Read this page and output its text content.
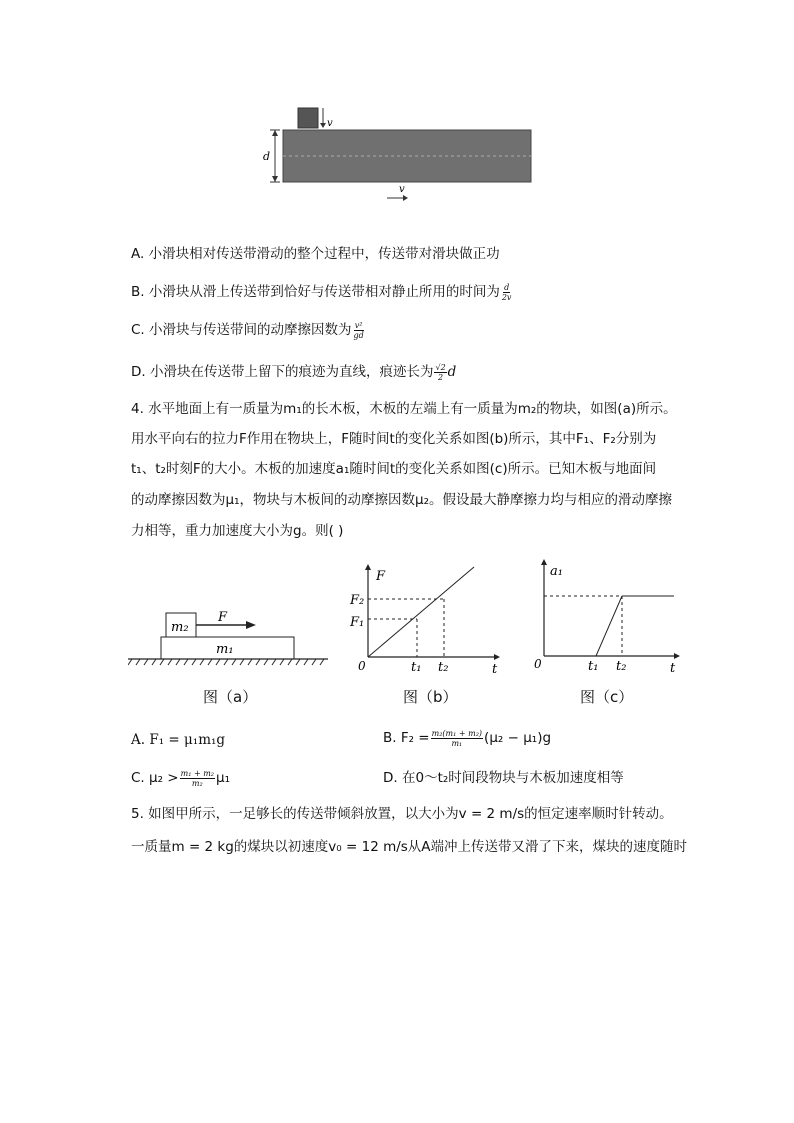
v
d
v
A. 小滑块相对传送带滑动的整个过程中，传送带对滑块做正功
B. 小滑块从滑上传送带到恰好与传送带相对静止所用的时间为 $\frac{d}{2v}$
C. 小滑块与传送带间的动摩擦因数为 $\frac{\text{v²}}{gd}$
D. 小滑块在传送带上留下的痕迹为直线，痕迹长为 $\frac{√2}{2}$ d
4. 水平地面上有一质量为m₁的长木板，木板的左端上有一质量为m₂的物块，如图(a)所示。
用水平向右的拉力F作用在物块上，F随时间t的变化关系如图(b)所示，其中F₁、F₂分别为
t₁、t₂时刻F的大小。木板的加速度a₁随时间t的变化关系如图(c)所示。已知木板与地面间
的动摩擦因数为μ₁，物块与木板间的动摩擦因数μ₂。假设最大静摩擦力均与相应的滑动摩擦
力相等，重力加速度大小为g。则( )
m₂
F
m₁
图（a）
F
F₂
F₁
0	t₁ t₂	t
图（b）
a₁
0	t₁ t₂	t
图（c）
A. F₁ = μ₁m₁g	B. $F_2 = \frac{\text{m₂(m₁ + m₂)}}{\text{m₁}} (\mu_2 - \mu_1)g$
C. $\mu_2 > \frac{\text{m₁ + m₂}}{\text{m₂}} \mu_1$	D. 在0～t₂时间段物块与木板加速度相等
5. 如图甲所示，一足够长的传送带倾斜放置，以大小为v = 2 m/s的恒定速率顺时针转动。
一质量m = 2 kg的煤块以初速度v₀ = 12 m/s从A端冲上传送带又滑了下来，煤块的速度随时
